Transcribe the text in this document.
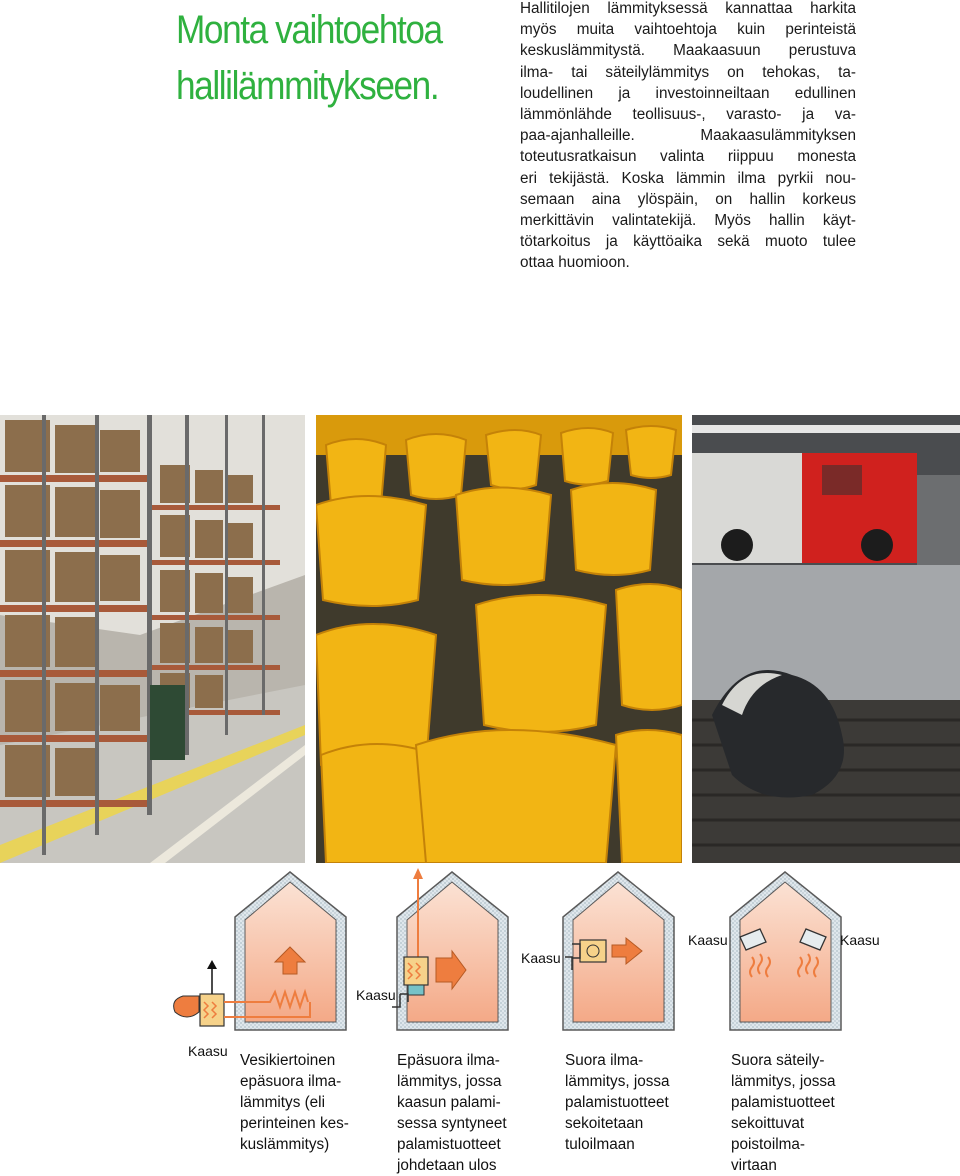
Monta vaihtoehtoa
hallilämmitykseen.
Hallitilojen lämmityksessä kannattaa harkita
myös muita vaihtoehtoja kuin perinteistä
keskuslämmitystä. Maakaasuun perustuva
ilma- tai säteilylämmitys on tehokas, ta-
loudellinen ja investoinneiltaan edullinen
lämmönlähde teollisuus-, varasto- ja va-
paa-ajanhalleille. Maakaasulämmityksen
toteutusratkaisun valinta riippuu monesta
eri tekijästä. Koska lämmin ilma pyrkii nou-
semaan aina ylöspäin, on hallin korkeus
merkittävin valintatekijä. Myös hallin käyt-
tötarkoitus ja käyttöaika sekä muoto tulee
ottaa huomioon.
Kaasu
Kaasu
Kaasu
Kaasu	Kaasu
Vesikiertoinen
epäsuora ilma-
lämmitys (eli
perinteinen kes-
kuslämmitys)
Epäsuora ilma-
lämmitys, jossa
kaasun palami-
sessa syntyneet
palamistuotteet
johdetaan ulos
Suora ilma-
lämmitys, jossa
palamistuotteet
sekoitetaan
tuloilmaan
Suora säteily-
lämmitys, jossa
palamistuotteet
sekoittuvat
poistoilma-
virtaan
